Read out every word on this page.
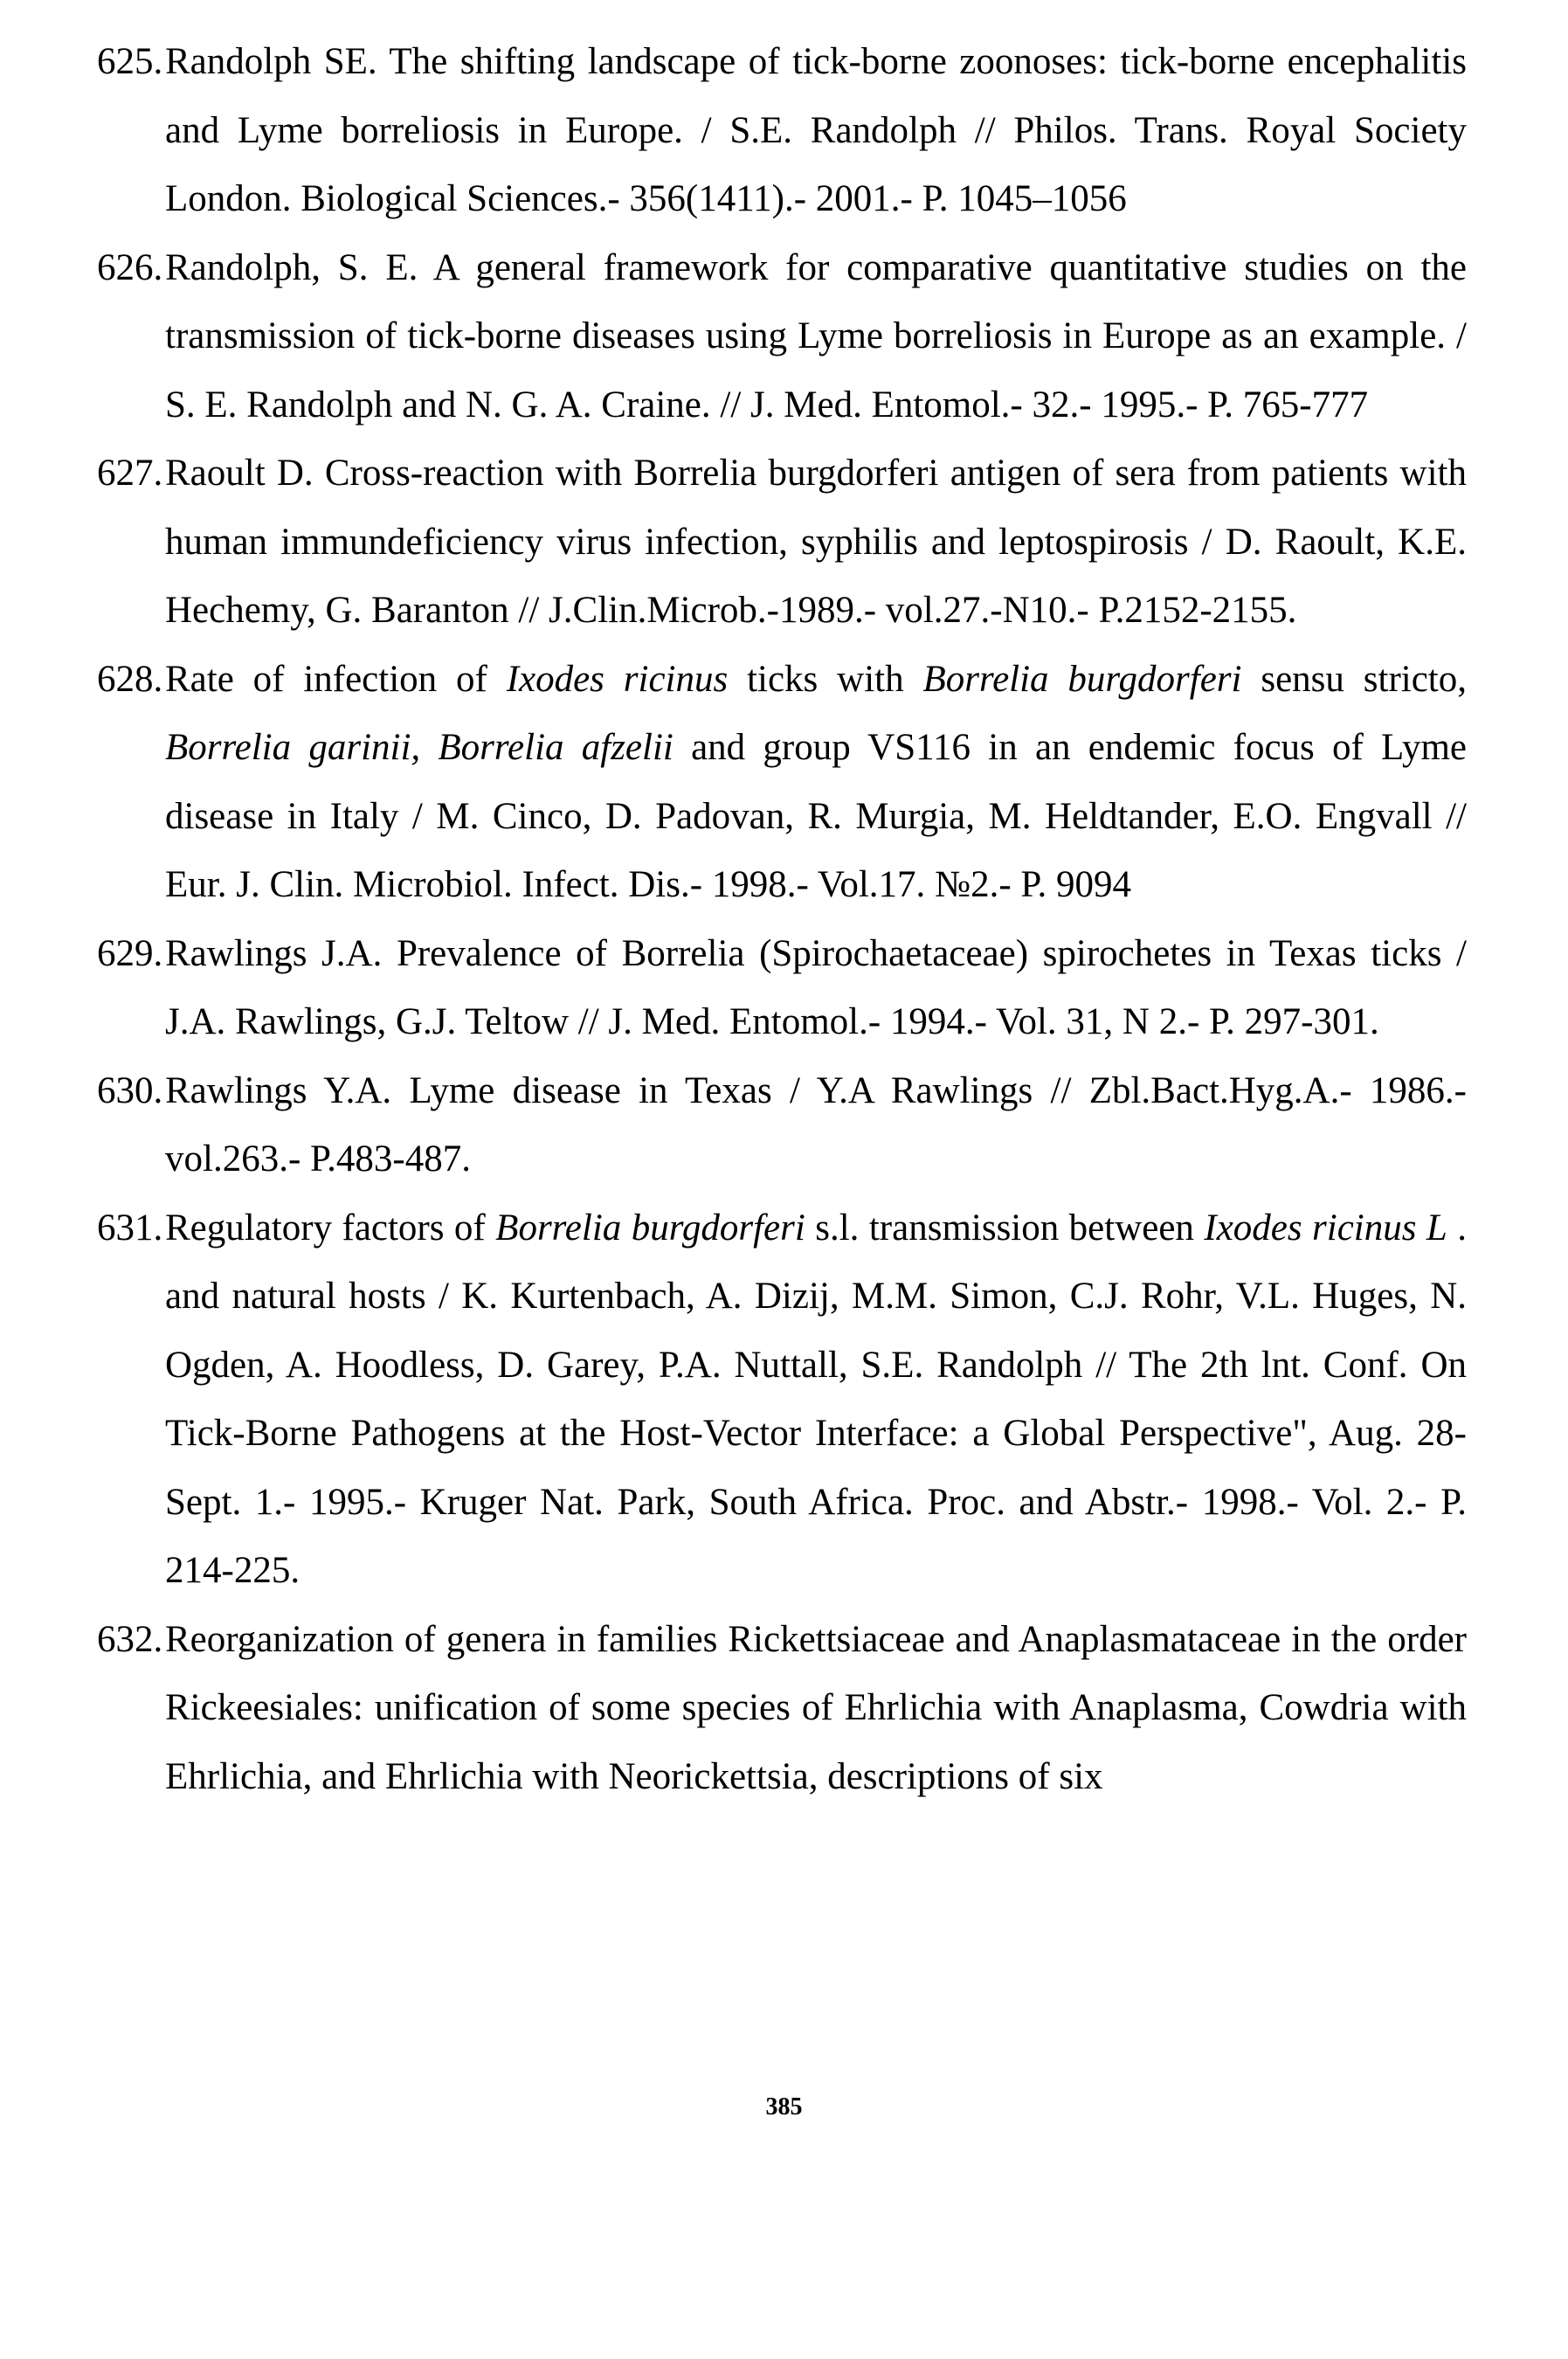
625. Randolph SE. The shifting landscape of tick-borne zoonoses: tick-borne encephalitis and Lyme borreliosis in Europe. / S.E. Randolph // Philos. Trans. Royal Society London. Biological Sciences.- 356(1411).- 2001.- P. 1045–1056
626. Randolph, S. E. A general framework for comparative quantitative studies on the transmission of tick-borne diseases using Lyme borreliosis in Europe as an example. / S. E. Randolph and N. G. A. Craine. // J. Med. Entomol.- 32.- 1995.- P. 765-777
627. Raoult D. Cross-reaction with Borrelia burgdorferi antigen of sera from patients with human immundeficiency virus infection, syphilis and leptospirosis / D. Raoult, K.E. Hechemy, G. Baranton // J.Clin.Microb.-1989.- vol.27.-N10.- P.2152-2155.
628. Rate of infection of Ixodes ricinus ticks with Borrelia burgdorferi sensu stricto, Borrelia garinii, Borrelia afzelii and group VS116 in an endemic focus of Lyme disease in Italy / M. Cinco, D. Padovan, R. Murgia, M. Heldtander, E.O. Engvall // Eur. J. Clin. Microbiol. Infect. Dis.- 1998.- Vol.17. №2.- P. 9094
629. Rawlings J.A. Prevalence of Borrelia (Spirochaetaceae) spirochetes in Texas ticks / J.A. Rawlings, G.J. Teltow // J. Med. Entomol.- 1994.- Vol. 31, N 2.- P. 297-301.
630. Rawlings Y.A. Lyme disease in Texas / Y.A Rawlings // Zbl.Bact.Hyg.A.- 1986.-vol.263.- P.483-487.
631. Regulatory factors of Borrelia burgdorferi s.l. transmission between Ixodes ricinus L . and natural hosts / K. Kurtenbach, A. Dizij, M.M. Simon, C.J. Rohr, V.L. Huges, N. Ogden, A. Hoodless, D. Garey, P.A. Nuttall, S.E. Randolph // The 2th lnt. Conf. On Tick-Borne Pathogens at the Host-Vector Interface: a Global Perspective", Aug. 28- Sept. 1.- 1995.- Kruger Nat. Park, South Africa. Proc. and Abstr.- 1998.- Vol. 2.- P. 214-225.
632. Reorganization of genera in families Rickettsiaceae and Anaplasmataceae in the order Rickeesiales: unification of some species of Ehrlichia with Anaplasma, Cowdria with Ehrlichia, and Ehrlichia with Neorickettsia, descriptions of six
385
